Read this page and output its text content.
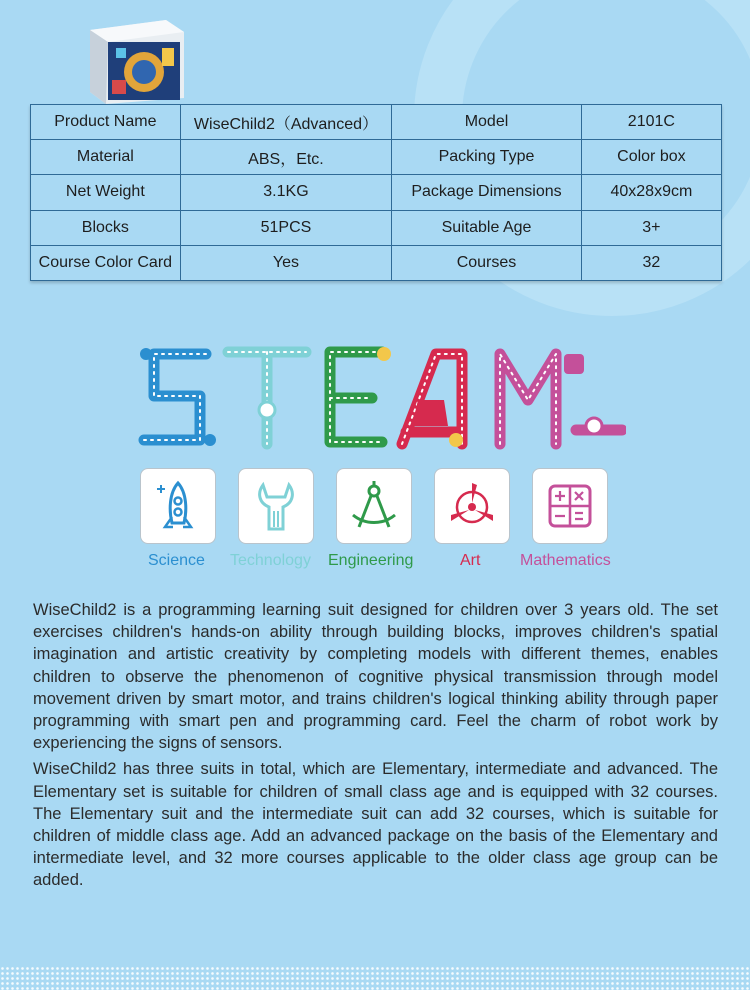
Product Name	WiseChild2（Advanced）	Model	2101C
Material	ABS，Etc.	Packing Type	Color box
Net Weight	3.1KG	Package Dimensions	40x28x9cm
Blocks	51PCS	Suitable Age	3+
Course Color Card	Yes	Courses	32
Science Technology Engineering	Art Mathematics

WiseChild2 is a programming learning suit designed for children over 3 years old. The set exercises children's hands-on ability through building blocks, improves children's spatial imagination and artistic creativity by completing models with different themes, enables children to observe the phenomenon of cognitive physical transmission through model movement driven by smart motor, and trains children's logical thinking ability through paper programming with smart pen and programming card. Feel the charm of robot work by experiencing the signs of sensors.

WiseChild2 has three suits in total, which are Elementary, intermediate and advanced. The Elementary set is suitable for children of small class age and is equipped with 32 courses. The Elementary suit and the intermediate suit can add 32 courses, which is suitable for children of middle class age. Add an advanced package on the basis of the Elementary and intermediate level, and 32 more courses applicable to the older class age group can be added.
